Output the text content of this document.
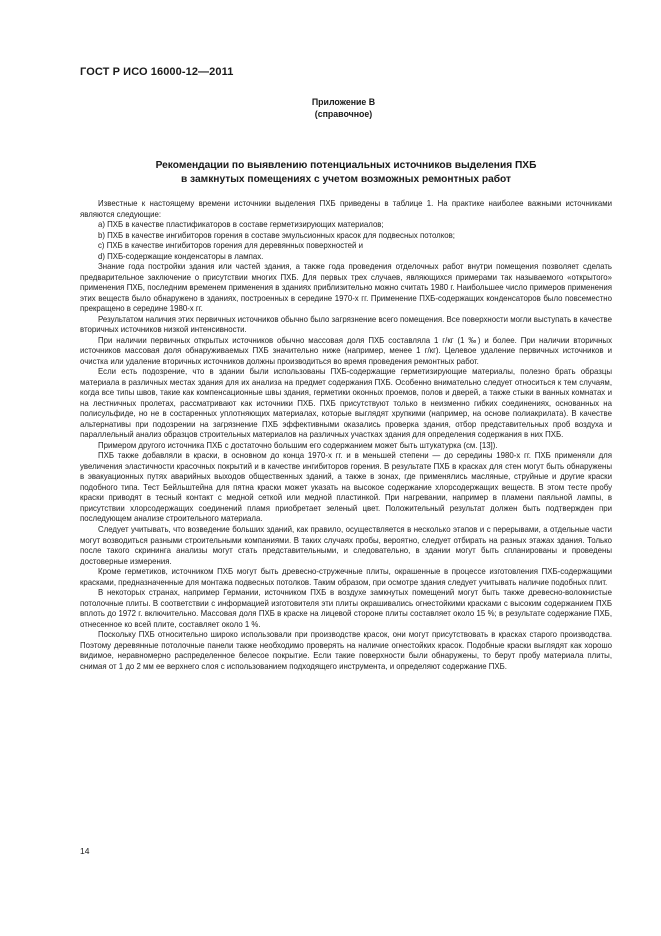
ГОСТ Р ИСО 16000-12—2011
Приложение В
(справочное)
Рекомендации по выявлению потенциальных источников выделения ПХБ
в замкнутых помещениях с учетом возможных ремонтных работ

Известные к настоящему времени источники выделения ПХБ приведены в таблице 1. На практике наиболее важными источниками являются следующие:

а) ПХБ в качестве пластификаторов в составе герметизирующих материалов;

b) ПХБ в качестве ингибиторов горения в составе эмульсионных красок для подвесных потолков;

c) ПХБ в качестве ингибиторов горения для деревянных поверхностей и

d) ПХБ-содержащие конденсаторы в лампах.

Знание года постройки здания или частей здания, а также года проведения отделочных работ внутри помещения позволяет сделать предварительное заключение о присутствии многих ПХБ. Для первых трех случаев, являющихся примерами так называемого «открытого» применения ПХБ, последним временем применения в зданиях приблизительно можно считать 1980 г. Наибольшее число примеров применения этих веществ было обнаружено в зданиях, построенных в середине 1970-х гг. Применение ПХБ-содержащих конденсаторов было повсеместно прекращено в середине 1980-х гг.

Результатом наличия этих первичных источников обычно было загрязнение всего помещения. Все поверхности могли выступать в качестве вторичных источников низкой интенсивности.

При наличии первичных открытых источников обычно массовая доля ПХБ составляла 1 г/кг (1 ‰) и более. При наличии вторичных источников массовая доля обнаруживаемых ПХБ значительно ниже (например, менее 1 г/кг). Целевое удаление первичных источников и очистка или удаление вторичных источников должны производиться во время проведения ремонтных работ.

Если есть подозрение, что в здании были использованы ПХБ-содержащие герметизирующие материалы, полезно брать образцы материала в различных местах здания для их анализа на предмет содержания ПХБ. Особенно внимательно следует относиться к тем случаям, когда все типы швов, такие как компенсационные швы здания, герметики оконных проемов, полов и дверей, а также стыки в ванных комнатах и на лестничных пролетах, рассматривают как источники ПХБ. ПХБ присутствуют только в неизменно гибких соединениях, основанных на полисульфиде, но не в состаренных уплотняющих материалах, которые выглядят хрупкими (например, на основе полиакрилата). В качестве альтернативы при подозрении на загрязнение ПХБ эффективными оказались проверка здания, отбор представительных проб воздуха и параллельный анализ образцов строительных материалов на различных участках здания для определения содержания в них ПХБ.

Примером другого источника ПХБ с достаточно большим его содержанием может быть штукатурка (см. [13]).

ПХБ также добавляли в краски, в основном до конца 1970-х гг. и в меньшей степени — до середины 1980-х гг. ПХБ применяли для увеличения эластичности красочных покрытий и в качестве ингибиторов горения. В результате ПХБ в красках для стен могут быть обнаружены в эвакуационных путях аварийных выходов общественных зданий, а также в зонах, где применялись масляные, струйные и другие краски подобного типа. Тест Бейльштейна для пятна краски может указать на высокое содержание хлорсодержащих веществ. В этом тесте пробу краски приводят в тесный контакт с медной сеткой или медной пластинкой. При нагревании, например в пламени паяльной лампы, в присутствии хлорсодержащих соединений пламя приобретает зеленый цвет. Положительный результат должен быть подтвержден при последующем анализе строительного материала.

Следует учитывать, что возведение больших зданий, как правило, осуществляется в несколько этапов и с перерывами, а отдельные части могут возводиться разными строительными компаниями. В таких случаях пробы, вероятно, следует отбирать на разных этажах здания. Только после такого скрининга анализы могут стать представительными, и следовательно, в здании могут быть спланированы и проведены достоверные измерения.

Кроме герметиков, источником ПХБ могут быть древесно-стружечные плиты, окрашенные в процессе изготовления ПХБ-содержащими красками, предназначенные для монтажа подвесных потолков. Таким образом, при осмотре здания следует учитывать наличие подобных плит.

В некоторых странах, например Германии, источником ПХБ в воздухе замкнутых помещений могут быть также древесно-волокнистые потолочные плиты. В соответствии с информацией изготовителя эти плиты окрашивались огнестойкими красками с высоким содержанием ПХБ вплоть до 1972 г. включительно. Массовая доля ПХБ в краске на лицевой стороне плиты составляет около 15 %; в результате содержание ПХБ, отнесенное ко всей плите, составляет около 1 %.

Поскольку ПХБ относительно широко использовали при производстве красок, они могут присутствовать в красках старого производства. Поэтому деревянные потолочные панели также необходимо проверять на наличие огнестойких красок. Подобные краски выглядят как хорошо видимое, неравномерно распределенное белесое покрытие. Если такие поверхности были обнаружены, то берут пробу материала плиты, снимая от 1 до 2 мм ее верхнего слоя с использованием подходящего инструмента, и определяют содержание ПХБ.

14
